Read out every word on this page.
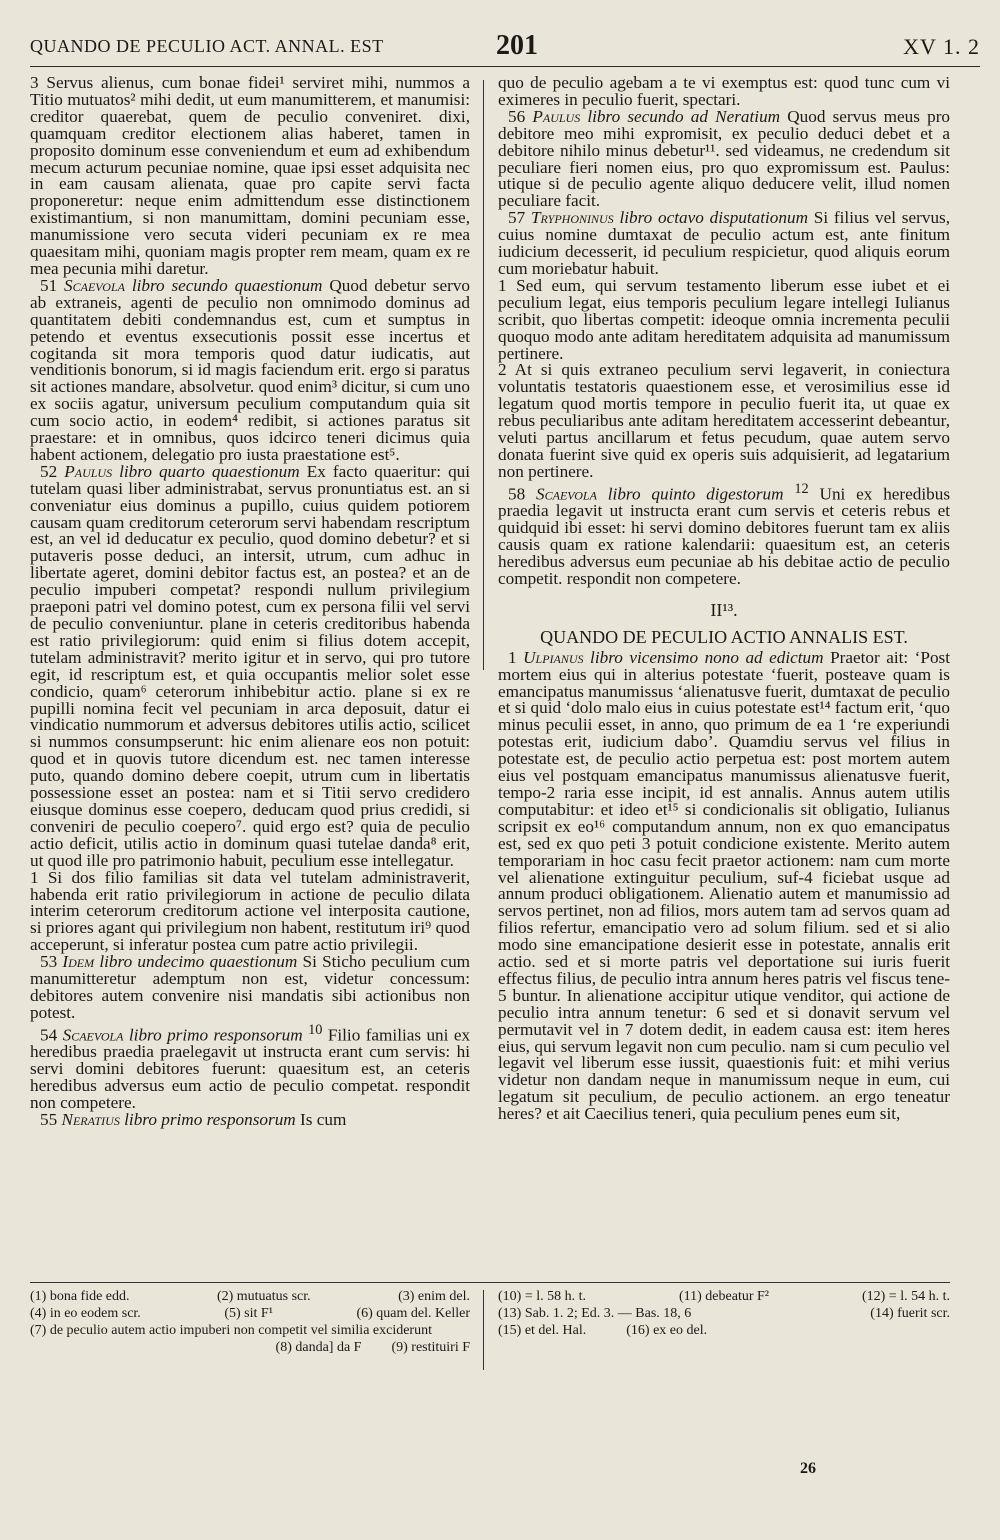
QUANDO DE PECULIO ACT. ANNAL. EST	201	XV 1. 2

3 Servus alienus, cum bonae fidei¹ serviret mihi, nummos a Titio mutuatos² mihi dedit, ut eum manumitterem, et manumisi: creditor quaerebat, quem de peculio conveniret. dixi, quamquam creditor electionem alias haberet, tamen in proposito dominum esse conveniendum et eum ad exhibendum mecum acturum pecuniae nomine, quae ipsi esset adquisita nec in eam causam alienata, quae pro capite servi facta proponeretur: neque enim admittendum esse distinctionem existimantium, si non manumittam, domini pecuniam esse, manumissione vero secuta videri pecuniam ex re mea quaesitam mihi, quoniam magis propter rem meam, quam ex re mea pecunia mihi daretur.

51 Scaevola libro secundo quaestionum Quod debetur servo ab extraneis, agenti de peculio non omnimodo dominus ad quantitatem debiti condemnandus est, cum et sumptus in petendo et eventus exsecutionis possit esse incertus et cogitanda sit mora temporis quod datur iudicatis, aut venditionis bonorum, si id magis faciendum erit. ergo si paratus sit actiones mandare, absolvetur. quod enim³ dicitur, si cum uno ex sociis agatur, universum peculium computandum quia sit cum socio actio, in eodem⁴ redibit, si actiones paratus sit praestare: et in omnibus, quos idcirco teneri dicimus quia habent actionem, delegatio pro iusta praestatione est⁵.

52 Paulus libro quarto quaestionum Ex facto quaeritur: qui tutelam quasi liber administrabat, servus pronuntiatus est. an si conveniatur eius dominus a pupillo, cuius quidem potiorem causam quam creditorum ceterorum servi habendam rescriptum est, an vel id deducatur ex peculio, quod domino debetur? et si putaveris posse deduci, an intersit, utrum, cum adhuc in libertate ageret, domini debitor factus est, an postea? et an de peculio impuberi competat? respondi nullum privilegium praeponi patri vel domino potest, cum ex persona filii vel servi de peculio conveniuntur. plane in ceteris creditoribus habenda est ratio privilegiorum: quid enim si filius dotem accepit, tutelam administravit? merito igitur et in servo, qui pro tutore egit, id rescriptum est, et quia occupantis melior solet esse condicio, quam⁶ ceterorum inhibebitur actio. plane si ex re pupilli nomina fecit vel pecuniam in arca deposuit, datur ei vindicatio nummorum et adversus debitores utilis actio, scilicet si nummos consumpserunt: hic enim alienare eos non potuit: quod et in quovis tutore dicendum est. nec tamen interesse puto, quando domino debere coepit, utrum cum in libertatis possessione esset an postea: nam et si Titii servo credidero eiusque dominus esse coepero, deducam quod prius credidi, si conveniri de peculio coepero⁷. quid ergo est? quia de peculio actio deficit, utilis actio in dominum quasi tutelae danda⁸ erit, ut quod ille pro patrimonio habuit, peculium esse intellegatur.

1 Si dos filio familias sit data vel tutelam administraverit, habenda erit ratio privilegiorum in actione de peculio dilata interim ceterorum creditorum actione vel interposita cautione, si priores agant qui privilegium non habent, restitutum iri⁹ quod acceperunt, si inferatur postea cum patre actio privilegii.

53 Idem libro undecimo quaestionum Si Sticho peculium cum manumitteretur ademptum non est, videtur concessum: debitores autem convenire nisi mandatis sibi actionibus non potest.

54 Scaevola libro primo responsorum $^{10}$ Filio familias uni ex heredibus praedia praelegavit ut instructa erant cum servis: hi servi domini debitores fuerunt: quaesitum est, an ceteris heredibus adversus eum actio de peculio competat. respondit non competere.

55 Neratius libro primo responsorum Is cum

quo de peculio agebam a te vi exemptus est: quod tunc cum vi eximeres in peculio fuerit, spectari.

56 Paulus libro secundo ad Neratium Quod servus meus pro debitore meo mihi expromisit, ex peculio deduci debet et a debitore nihilo minus debetur¹¹. sed videamus, ne credendum sit peculiare fieri nomen eius, pro quo expromissum est. Paulus: utique si de peculio agente aliquo deducere velit, illud nomen peculiare facit.

57 Tryphoninus libro octavo disputationum Si filius vel servus, cuius nomine dumtaxat de peculio actum est, ante finitum iudicium decesserit, id peculium respicietur, quod aliquis eorum cum moriebatur habuit.

1 Sed eum, qui servum testamento liberum esse iubet et ei peculium legat, eius temporis peculium legare intellegi Iulianus scribit, quo libertas competit: ideoque omnia incrementa peculii quoquo modo ante aditam hereditatem adquisita ad manumissum pertinere.

2 At si quis extraneo peculium servi legaverit, in coniectura voluntatis testatoris quaestionem esse, et verosimilius esse id legatum quod mortis tempore in peculio fuerit ita, ut quae ex rebus peculiaribus ante aditam hereditatem accesserint debeantur, veluti partus ancillarum et fetus pecudum, quae autem servo donata fuerint sive quid ex operis suis adquisierit, ad legatarium non pertinere.

58 Scaevola libro quinto digestorum $^{12}$ Uni ex heredibus praedia legavit ut instructa erant cum servis et ceteris rebus et quidquid ibi esset: hi servi domino debitores fuerunt tam ex aliis causis quam ex ratione kalendarii: quaesitum est, an ceteris heredibus adversus eum pecuniae ab his debitae actio de peculio competit. respondit non competere.

II¹³.
QUANDO DE PECULIO ACTIO ANNALIS EST.

1 Ulpianus libro vicensimo nono ad edictum Praetor ait: ‘Post mortem eius qui in alterius potestate ‘fuerit, posteave quam is emancipatus manumissus ‘alienatusve fuerit, dumtaxat de peculio et si quid ‘dolo malo eius in cuius potestate est¹⁴ factum erit, ‘quo minus peculii esset, in anno, quo primum de ea 1 ‘re experiundi potestas erit, iudicium dabo’. Quamdiu servus vel filius in potestate est, de peculio actio perpetua est: post mortem autem eius vel postquam emancipatus manumissus alienatusve fuerit, tempo-2 raria esse incipit, id est annalis. Annus autem utilis computabitur: et ideo et¹⁵ si condicionalis sit obligatio, Iulianus scripsit ex eo¹⁶ computandum annum, non ex quo emancipatus est, sed ex quo peti 3 potuit condicione existente. Merito autem temporariam in hoc casu fecit praetor actionem: nam cum morte vel alienatione extinguitur peculium, suf-4 ficiebat usque ad annum produci obligationem. Alienatio autem et manumissio ad servos pertinet, non ad filios, mors autem tam ad servos quam ad filios refertur, emancipatio vero ad solum filium. sed et si alio modo sine emancipatione desierit esse in potestate, annalis erit actio. sed et si morte patris vel deportatione sui iuris fuerit effectus filius, de peculio intra annum heres patris vel fiscus tene-5 buntur. In alienatione accipitur utique venditor, qui actione de peculio intra annum tenetur: 6 sed et si donavit servum vel permutavit vel in 7 dotem dedit, in eadem causa est: item heres eius, qui servum legavit non cum peculio. nam si cum peculio vel legavit vel liberum esse iussit, quaestionis fuit: et mihi verius videtur non dandam neque in manumissum neque in eum, cui legatum sit peculium, de peculio actionem. an ergo teneatur heres? et ait Caecilius teneri, quia peculium penes eum sit,

(1) bona fide edd.	(2) mutuatus scr.	(3) enim del.
(4) in eo eodem scr.	(5) sit F¹	(6) quam del. Keller
(7) de peculio autem actio impuberi non competit vel similia exciderunt
(8) danda] da F (9) restituiri F
(10) = l. 58 h. t.	(11) debeatur F²	(12) = l. 54 h. t.
(13) Sab. 1. 2; Ed. 3. — Bas. 18, 6	(14) fuerit scr.
(15) et del. Hal.	(16) ex eo del.
26
